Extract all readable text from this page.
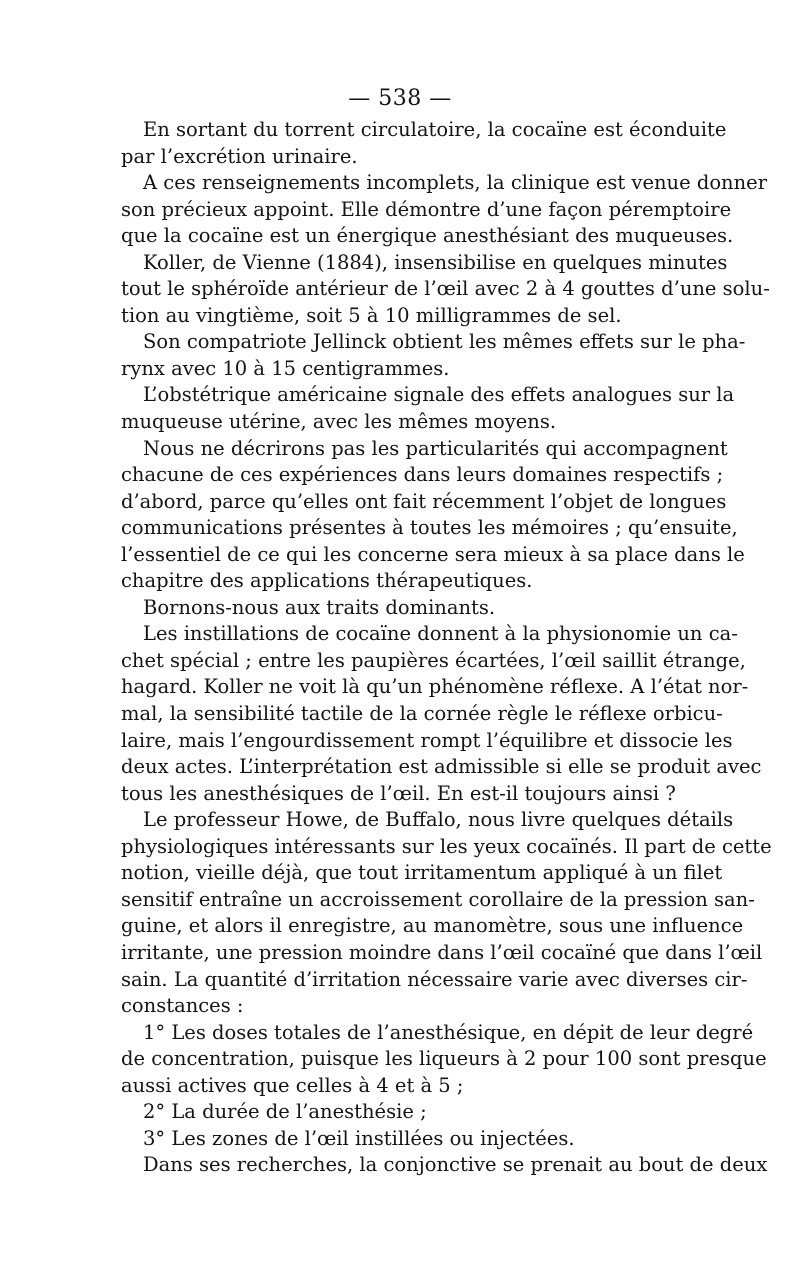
— 538 —
En sortant du torrent circulatoire, la cocaïne est éconduite
par l’excrétion urinaire.
A ces renseignements incomplets, la clinique est venue donner
son précieux appoint. Elle démontre d’une façon péremptoire
que la cocaïne est un énergique anesthésiant des muqueuses.
Koller, de Vienne (1884), insensibilise en quelques minutes
tout le sphéroïde antérieur de l’œil avec 2 à 4 gouttes d’une solu-
tion au vingtième, soit 5 à 10 milligrammes de sel.
Son compatriote Jellinck obtient les mêmes effets sur le pha-
rynx avec 10 à 15 centigrammes.
L’obstétrique américaine signale des effets analogues sur la
muqueuse utérine, avec les mêmes moyens.
Nous ne décrirons pas les particularités qui accompagnent
chacune de ces expériences dans leurs domaines respectifs ;
d’abord, parce qu’elles ont fait récemment l’objet de longues
communications présentes à toutes les mémoires ; qu’ensuite,
l’essentiel de ce qui les concerne sera mieux à sa place dans le
chapitre des applications thérapeutiques.
Bornons-nous aux traits dominants.
Les instillations de cocaïne donnent à la physionomie un ca-
chet spécial ; entre les paupières écartées, l’œil saillit étrange,
hagard. Koller ne voit là qu’un phénomène réflexe. A l’état nor-
mal, la sensibilité tactile de la cornée règle le réflexe orbicu-
laire, mais l’engourdissement rompt l’équilibre et dissocie les
deux actes. L’interprétation est admissible si elle se produit avec
tous les anesthésiques de l’œil. En est-il toujours ainsi ?
Le professeur Howe, de Buffalo, nous livre quelques détails
physiologiques intéressants sur les yeux cocaïnés. Il part de cette
notion, vieille déjà, que tout irritamentum appliqué à un filet
sensitif entraîne un accroissement corollaire de la pression san-
guine, et alors il enregistre, au manomètre, sous une influence
irritante, une pression moindre dans l’œil cocaïné que dans l’œil
sain. La quantité d’irritation nécessaire varie avec diverses cir-
constances :
1° Les doses totales de l’anesthésique, en dépit de leur degré
de concentration, puisque les liqueurs à 2 pour 100 sont presque
aussi actives que celles à 4 et à 5 ;
2° La durée de l’anesthésie ;
3° Les zones de l’œil instillées ou injectées.
Dans ses recherches, la conjonctive se prenait au bout de deux
